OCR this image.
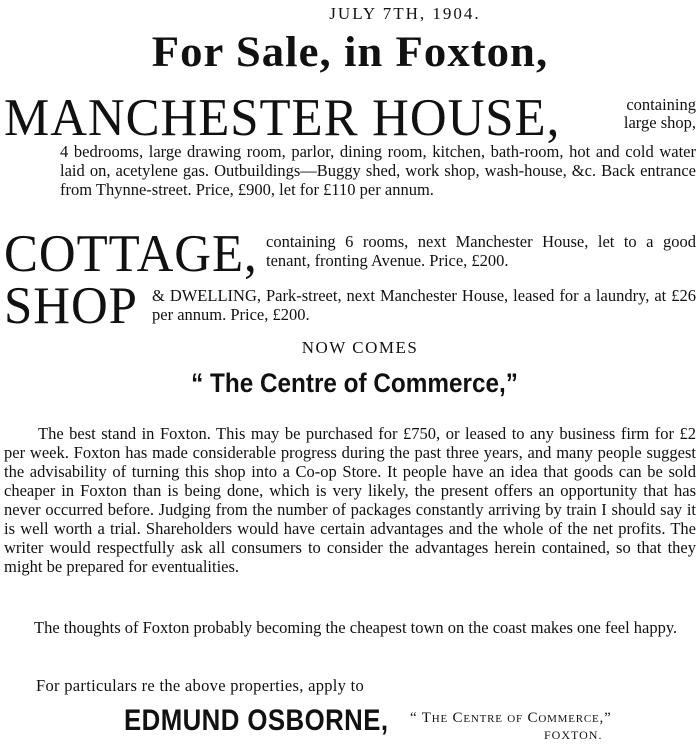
JULY 7TH, 1904.
For Sale, in Foxton,
MANCHESTER HOUSE,	containing large shop,
4 bedrooms, large drawing room, parlor, dining room, kitchen, bath-room, hot and cold water laid on, acetylene gas. Outbuildings—Buggy shed, work shop, wash-house, &c. Back entrance from Thynne-street. Price, £900, let for £110 per annum.
COTTAGE, containing 6 rooms, next Manchester House, let to a good tenant, fronting Avenue. Price, £200.
SHOP & DWELLING, Park-street, next Manchester House, leased for a laundry, at £26 per annum. Price, £200.
NOW COMES
“ The Centre of Commerce,”
The best stand in Foxton. This may be purchased for £750, or leased to any business firm for £2 per week. Foxton has made considerable progress during the past three years, and many people suggest the advisability of turning this shop into a Co-op Store. It people have an idea that goods can be sold cheaper in Foxton than is being done, which is very likely, the present offers an opportunity that has never occurred before. Judging from the number of packages constantly arriving by train I should say it is well worth a trial. Shareholders would have certain advantages and the whole of the net profits. The writer would respectfully ask all consumers to consider the advantages herein contained, so that they might be prepared for eventualities.
The thoughts of Foxton probably becoming the cheapest town on the coast makes one feel happy.
For particulars re the above properties, apply to
EDMUND OSBORNE, “ The Centre of Commerce,”
FOXTON.
